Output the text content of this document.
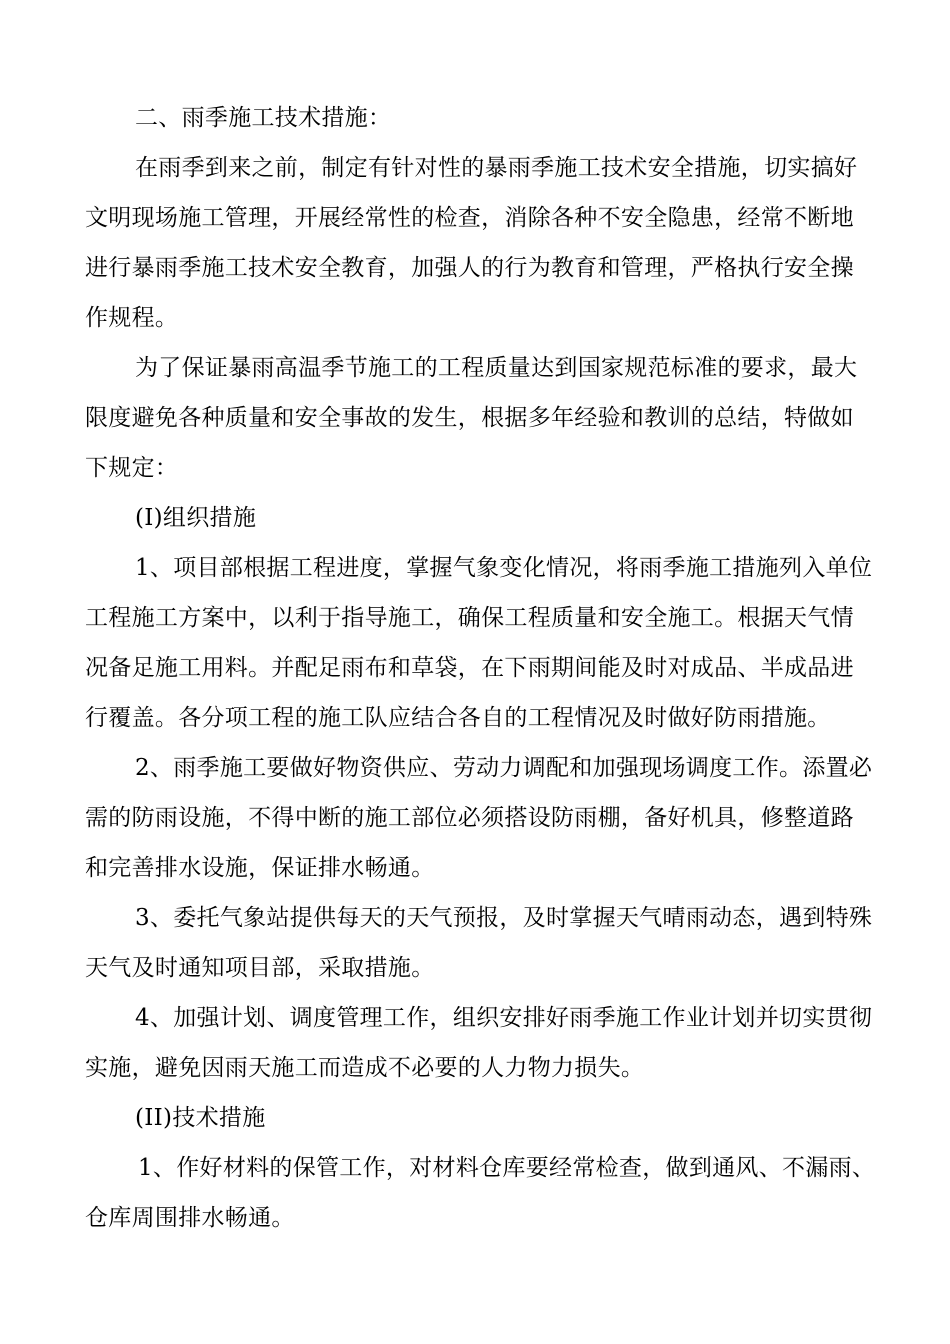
二、雨季施工技术措施：
在雨季到来之前，制定有针对性的暴雨季施工技术安全措施，切实搞好
文明现场施工管理，开展经常性的检查，消除各种不安全隐患，经常不断地
进行暴雨季施工技术安全教育，加强人的行为教育和管理，严格执行安全操
作规程。
为了保证暴雨高温季节施工的工程质量达到国家规范标准的要求，最大
限度避免各种质量和安全事故的发生，根据多年经验和教训的总结，特做如
下规定：
(I)组织措施
1、项目部根据工程进度，掌握气象变化情况，将雨季施工措施列入单位
工程施工方案中，以利于指导施工，确保工程质量和安全施工。根据天气情
况备足施工用料。并配足雨布和草袋，在下雨期间能及时对成品、半成品进
行覆盖。各分项工程的施工队应结合各自的工程情况及时做好防雨措施。
2、雨季施工要做好物资供应、劳动力调配和加强现场调度工作。添置必
需的防雨设施，不得中断的施工部位必须搭设防雨棚，备好机具，修整道路
和完善排水设施，保证排水畅通。
3、委托气象站提供每天的天气预报，及时掌握天气晴雨动态，遇到特殊
天气及时通知项目部，采取措施。
4、加强计划、调度管理工作，组织安排好雨季施工作业计划并切实贯彻
实施，避免因雨天施工而造成不必要的人力物力损失。
(II)技术措施
1、作好材料的保管工作，对材料仓库要经常检查，做到通风、不漏雨、
仓库周围排水畅通。
